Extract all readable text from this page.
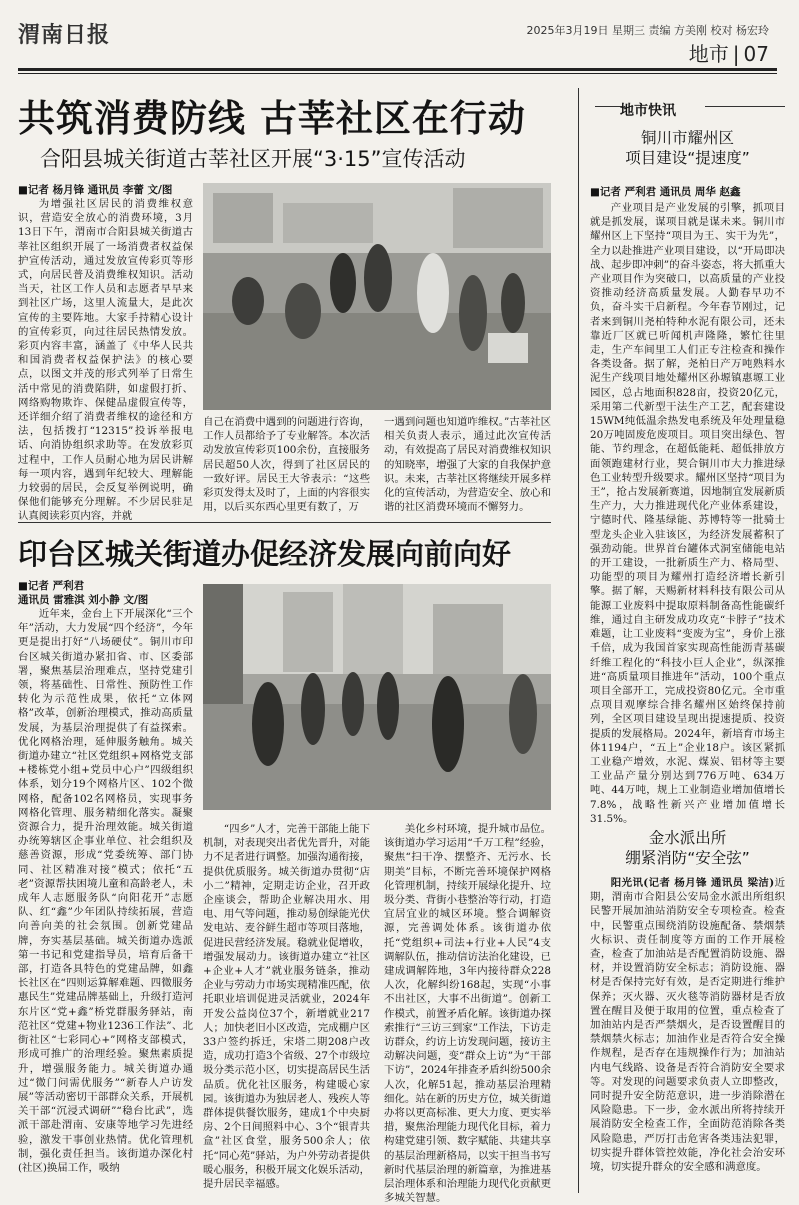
渭南日报	2025年3月19日 星期三 责编 方美刚 校对 杨宏玲
地市 | 07
共筑消费防线 古莘社区在行动
合阳县城关街道古莘社区开展“3·15”宣传活动
■记者 杨月锋 通讯员 李蕾 文/图

为增强社区居民的消费维权意识，营造安全放心的消费环境，3月13日下午，渭南市合阳县城关街道古莘社区组织开展了一场消费者权益保护宣传活动，通过发放宣传彩页等形式，向居民普及消费维权知识。活动当天，社区工作人员和志愿者早早来到社区广场，这里人流量大，是此次宣传的主要阵地。大家手持精心设计的宣传彩页，向过往居民热情发放。彩页内容丰富，涵盖了《中华人民共和国消费者权益保护法》的核心要点，以图文并茂的形式列举了日常生活中常见的消费陷阱，如虚假打折、网络购物欺诈、保健品虚假宣传等，还详细介绍了消费者维权的途径和方法，包括拨打“12315”投诉举报电话、向消协组织求助等。在发放彩页过程中，工作人员耐心地为居民讲解每一项内容，遇到年纪较大、理解能力较弱的居民，会反复举例说明，确保他们能够充分理解。不少居民驻足认真阅读彩页内容，并就

自己在消费中遇到的问题进行咨询，工作人员都给予了专业解答。本次活动发放宣传彩页100余份，直接服务居民超50人次，得到了社区居民的一致好评。居民王大爷表示：“这些彩页发得太及时了，上面的内容很实用，以后买东西心里更有数了，万
一遇到问题也知道咋维权。”古莘社区相关负责人表示，通过此次宣传活动，有效提高了居民对消费维权知识的知晓率，增强了大家的自我保护意识。未来，古莘社区将继续开展多样化的宣传活动，为营造安全、放心和谐的社区消费环境而不懈努力。
印台区城关街道办促经济发展向前向好
■记者 严利君
通讯员 雷雅淇 刘小静 文/图

近年来，金台上下开展深化“三个年”活动，大力发展“四个经济”，今年更是提出打好“八场硬仗”。铜川市印台区城关街道办紧扣省、市、区委部署，聚焦基层治理难点，坚持党建引领，将基础性、日常性、预防性工作转化为示范性成果，依托“立体网格”改革，创新治理模式，推动高质量发展，为基层治理提供了有益探索。优化网格治理，延伸服务触角。城关街道办建立“社区党组织+网格党支部+楼栋党小组+党员中心户”四级组织体系，划分19个网格片区、102个微网格，配备102名网格员，实现事务网格化管理、服务精细化落实。凝聚资源合力，提升治理效能。城关街道办统筹辖区企事业单位、社会组织及慈善资源，形成“党委统筹、部门协同、社区精准对接”模式；依托“五老”资源帮扶困境儿童和高龄老人，未成年人志愿服务队“向阳花开”志愿队、红“鑫”少年团队持续拓展，营造向善向美的社会氛围。创新党建品牌，夯实基层基础。城关街道办选派第一书记和党建指导员，培育后备干部，打造各具特色的党建品牌，如鑫长社区在“四则运算解难题、四微服务惠民生”党建品牌基础上，升级打造河东片区“党+鑫”桥党群服务驿站，南范社区“党建+物业1236工作法”、北街社区“七彩同心+”网格支部模式，形成可推广的治理经验。聚焦素质提升，增强服务能力。城关街道办通过“微门问需优服务”“新春人户访发展”等活动密切干部群众关系，开展机关干部“沉浸式调研”“稳台比武”，选派干部赴渭南、安康等地学习先进经验，激发干事创业热情。优化管理机制，强化责任担当。该街道办深化村(社区)换届工作，吸纳

“四乡”人才，完善干部能上能下机制，对表现突出者优先晋升，对能力不足者进行调整。加强沟通衔接，提供优质服务。城关街道办贯彻“店小二”精神，定期走访企业，召开政企座谈会，帮助企业解决用水、用电、用气等问题，推动易创绿能光伏发电站、麦谷鲜生超市等项目落地，促进民营经济发展。稳就业促增收，增强发展动力。该街道办建立“社区+企业+人才”就业服务链条，推动企业与劳动力市场实现精准匹配，依托职业培训促进灵活就业，2024年开发公益岗位37个，新增就业217人；加快老旧小区改造，完成棚户区33户签约拆迁，宋塔二期208户改造，成功打造3个省级、27个市级垃圾分类示范小区，切实提高居民生活品质。优化社区服务，构建暖心家园。该街道办为独居老人、残疾人等群体提供餐饮服务，建成1个中央厨房、2个日间照料中心、3个“银青共盒”社区食堂，服务500余人；依托“同心苑”驿站，为户外劳动者提供暖心服务，积极开展文化娱乐活动，提升居民幸福感。

美化乡村环境，提升城市品位。该街道办学习运用“千万工程”经验，聚焦“扫干净、摆整齐、无污水、长期美”目标，不断完善环境保护网格化管理机制，持续开展绿化提升、垃圾分类、背街小巷整治等行动，打造宜居宜业的城区环境。整合调解资源，完善调处体系。该街道办依托“党组织+司法+行业+人民”4支调解队伍，推动信访法治化建设，已建成调解阵地，3年内接待群众228人次，化解纠纷168起，实现“小事不出社区，大事不出街道”。创新工作模式，前置矛盾化解。该街道办探索推行“三访三到家”工作法，下访走访群众，约访上访发现问题，接访主动解决问题，变“群众上访”为“干部下访”，2024年排查矛盾纠纷500余人次，化解51起，推动基层治理精细化。站在新的历史方位，城关街道办将以更高标准、更大力度、更实举措，聚焦治理能力现代化目标，着力构建党建引领、数字赋能、共建共享的基层治理新格局，以实干担当书写新时代基层治理的新篇章，为推进基层治理体系和治理能力现代化贡献更多城关智慧。

地市快讯
铜川市耀州区
项目建设“提速度”
■记者 严利君 通讯员 周华 赵鑫

产业项目是产业发展的引擎，抓项目就是抓发展，谋项目就是谋未来。铜川市耀州区上下坚持“项目为王、实干为先”，全力以赴推进产业项目建设，以“开局即决战、起步即冲刺”的奋斗姿态，将大抓重大产业项目作为突破口，以高质量的产业投资推动经济高质量发展。人勤春早功不负，奋斗实干启新程。今年春节刚过，记者来到铜川尧柏特种水泥有限公司，还未靠近厂区就已听闻机声隆隆，繁忙往里走，生产车间里工人们正专注检查和操作各类设备。据了解，尧柏日产万吨熟料水泥生产线项目地处耀州区孙塬镇惠塬工业园区，总占地面积828亩，投资20亿元，采用第二代新型干法生产工艺，配套建设15WM纯低温余热发电系统及年处理量稳20万吨固废危废项目。项目突出绿色、智能、节约理念，在超低能耗、超低排放方面领跑建材行业，契合铜川市大力推进绿色工业转型升级要求。耀州区坚持“项目为王”，抢占发展新赛道，因地制宜发展新质生产力，大力推进现代化产业体系建设，宁德时代、隆基绿能、苏博特等一批骑士型龙头企业入驻该区，为经济发展蓄积了强劲动能。世界首台罐体式洞室储能电站的开工建设，一批新质生产力、格局型、功能型的项目为耀州打造经济增长新引擎。据了解，天赐新材料科技有限公司从能源工业废料中提取原料制备高性能碳纤维，通过自主研发成功攻克“卡脖子”技术难题，让工业废料“变废为宝”，身价上涨千倍，成为我国首家实现高性能沥青基碳纤维工程化的“科技小巨人企业”，纵深推进“高质量项目推进年”活动，100个重点项目全部开工，完成投资80亿元。全市重点项目观摩综合排名耀州区始终保持前列，全区项目建设呈现出提速提质、投资提质的发展格局。2024年，新培育市场主体1194户，“五上”企业18户。该区紧抓工业稳产增效，水泥、煤炭、铝材等主要工业品产量分别达到776万吨、634万吨、44万吨，规上工业制造业增加值增长7.8%，战略性新兴产业增加值增长31.5%。

金水派出所
绷紧消防“安全弦”

阳光讯(记者 杨月锋 通讯员 梁洁)近期，渭南市合阳县公安局金水派出所组织民警开展加油站消防安全专项检查。检查中，民警重点围绕消防设施配备、禁烟禁火标识、责任制度等方面的工作开展检查，检查了加油站是否配置消防设施、器材，并设置消防安全标志；消防设施、器材是否保持完好有效，是否定期进行维护保养；灭火器、灭火毯等消防器材是否放置在醒目及便于取用的位置，重点检查了加油站内是否严禁烟火，是否设置醒目的禁烟禁火标志；加油作业是否符合安全操作规程，是否存在违规操作行为；加油站内电气线路、设备是否符合消防安全要求等。对发现的问题要求负责人立即整改，同时提升安全防范意识，进一步消除潜在风险隐患。下一步，金水派出所将持续开展消防安全检查工作，全面防范消除各类风险隐患，严厉打击危害各类违法犯罪，切实提升群体管控效能，净化社会治安环境，切实提升群众的安全感和满意度。
